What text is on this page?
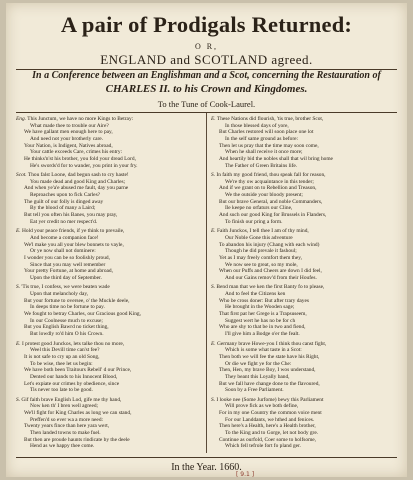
A pair of Prodigals Returned:
O R,
ENGLAND and SCOTLAND agreed.
In a Conference between an Englishman and a Scot, concerning the Restauration of
CHARLES II. to his Crown and Kingdomes.
To the Tune of Cook-Laurel.
Eng. This Junctum, we have no more Kings to Betray:
What made thee to trouble our Aire?
We have gallant men enough here to pay,
And need not your brotherly care.
Your Nation, is Indigent, Natives abroad,
Your cattle exceeds Care, crimes his entry:
He thinks'n'st his brother, you fold your dread Lord,
He's swords'd for to wander, you print in your fry.
Scot. Thou falst Loone, dad begun sash to cry haste!
You made dead and good King and Charles;
And when ye'a'e abused me fault, day you parne
Reproaches upon to fick Carles?
The guilt of our folly is dinged away
By the blood of many a Laird;
But tell you often his Banes, you may pray,
Eat yer credit no mer respect'd.
E. Hold your peace friends, if ye think to prevaile,
And become a companion face!
We'l make you all your blew bonnets to vayle,
Or ye now shall not dominere:
I wonder you can be so foolishly proud,
Since that you may well remember
Your pretty Fortune, at home and abroad,
Upon the third day of September.
S. 'Tis true, I confess, we were beaten wade
Upon that melancholy day,
But your fortune to oversee, o' the Muckle deele,
In deeps time no be fortune to pay.
We fought to betray Charles, our Gracious good King,
In our Coolnesse much to excuse;
But you English Bawrd no ticket thing,
But lowdly ro'd him O his Crown.
E. I protest good Junckos, lets talke thou no more,
Weel this Devill time can'st fee?
It is not safe to cry up an old Song,
To be wise, thee let us begin:
We have both been Traitours Rebell' d our Prince,
Dented our hands to his Innocent Blood,
Let's expiate our crimes by obedience, since
Tis never too late to be good.
S. Gif faith brave English Lod, gife me thy hand,
Now ken th' I bren well agreed;
We'll fight for King Charles as long we can stand,
Preffen'd so ever wa a more need:
Twenty years fince than here yara wert,
Then landed towns to make fuel.
But then are proude haunts rindicate by the deele
Hend as we happy thee come.
E. These Nations did flourish, 'tis true, brother Scot,
In those blessed days of yore,
But Charles restored will soon place one lot
In the self same ground as before:
Then let us pray that the time may soon come,
When he shall receive it once more;
And heartily bid the nobles shall that wil bring home
The Father of Green Britains life.
S. In faith my good friend, thou speak fall for reason,
We're thy ow acquaintance in this tender;
And if we grant on to Rebellion and Treason,
We the outside your bloody present;
But our brave General, and noble Commanders,
Ile keepe no orfaturs our Cline,
And such our good King for Brussels in Flanders,
To finish our pring a form.
E. Faith Junckos, I tell thee I am of thy mind,
Our Noble Gone this adventure
To abandon his injury (Chang with each wind)
Though he did prevale it fashoul;
Yet as I may freely comfort them they,
We now see to great, so my mole,
When our Puffs and Cheers are down I did feel,
And our Gains remov'd from their Houfes.
S. Bend man that we ken the first Banty fo to please,
And to feel the Citizens ken
Who be cross doner: But after trary dayes
He brought in the Wooden sage;
That first pat her Grege is a Trapsuseem,
Suggest wert he has no be for ch
Who are shy to that be in two and fiend,
I'll give him a Bodge o'er the fealt.
E. Germany brave Howe-you I think thou canst fight,
Which is some what taste in a Scot:
Then both we will fee the state have his Right,
Or die we fight ye for the Che:
Then, Hen, my brave Boy, I wos understand,
They beant this Loyally band,
But we fall have change done to the flavoured,
Soon by a Free Parliament.
S. I looke nee (Some Jurfome) bewy this Parliament
Will prove fick as we both define,
For in my one Country the common voice ment
For our Landdants, we hthed and fenices.
Then here's a Health, here's a Health brother,
To the King and to Gorge, let not body gre.
Continue as ourfold, Coer some to holfsome,
Which fell tefrole fort fo pland ger.
In the Year. 1660.
[ 9.1 ]
